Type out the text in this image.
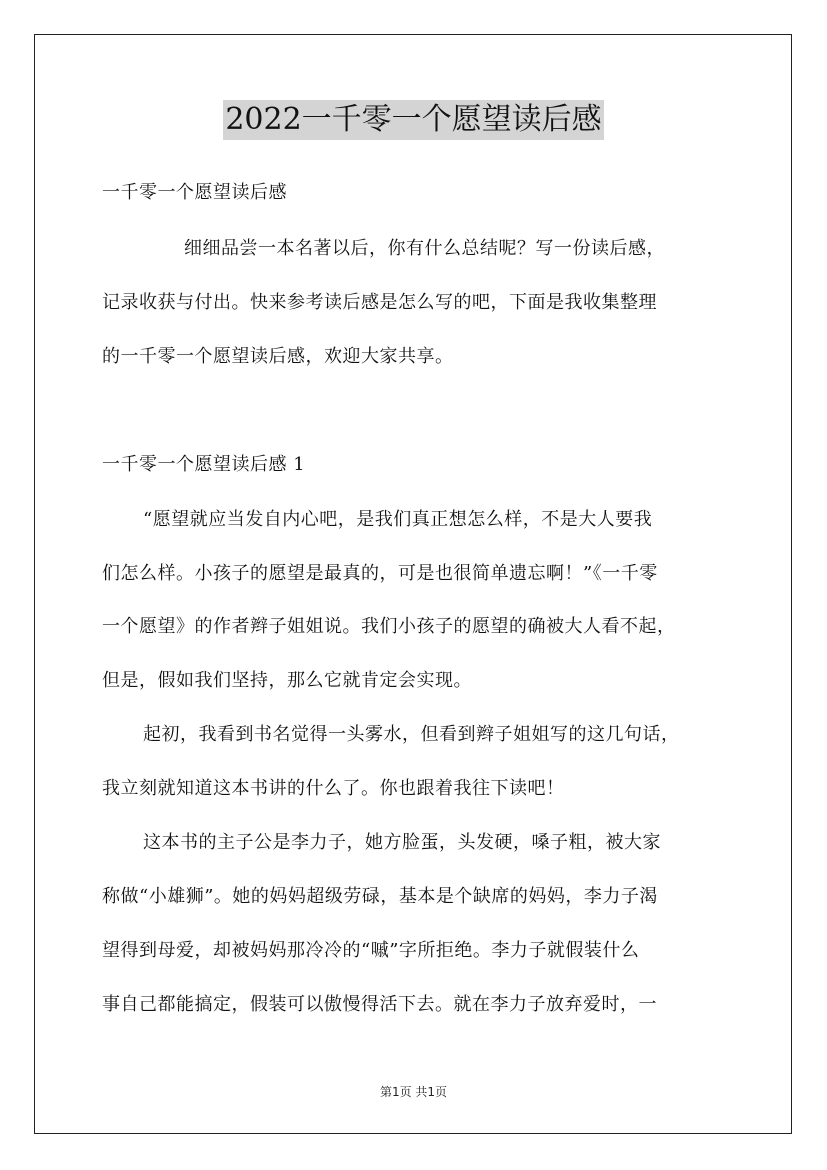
2022一千零一个愿望读后感
一千零一个愿望读后感
细细品尝一本名著以后，你有什么总结呢？写一份读后感，
记录收获与付出。快来参考读后感是怎么写的吧，下面是我收集整理
的一千零一个愿望读后感，欢迎大家共享。
一千零一个愿望读后感 1
“愿望就应当发自内心吧，是我们真正想怎么样，不是大人要我
们怎么样。小孩子的愿望是最真的，可是也很简单遗忘啊！”《一千零
一个愿望》的作者辫子姐姐说。我们小孩子的愿望的确被大人看不起，
但是，假如我们坚持，那么它就肯定会实现。
起初，我看到书名觉得一头雾水，但看到辫子姐姐写的这几句话，
我立刻就知道这本书讲的什么了。你也跟着我往下读吧！
这本书的主子公是李力子，她方脸蛋，头发硬，嗓子粗，被大家
称做“小雄狮”。她的妈妈超级劳碌，基本是个缺席的妈妈，李力子渴
望得到母爱，却被妈妈那冷冷的“嘁”字所拒绝。李力子就假装什么
事自己都能搞定，假装可以傲慢得活下去。就在李力子放弃爱时，一
第1页 共1页
